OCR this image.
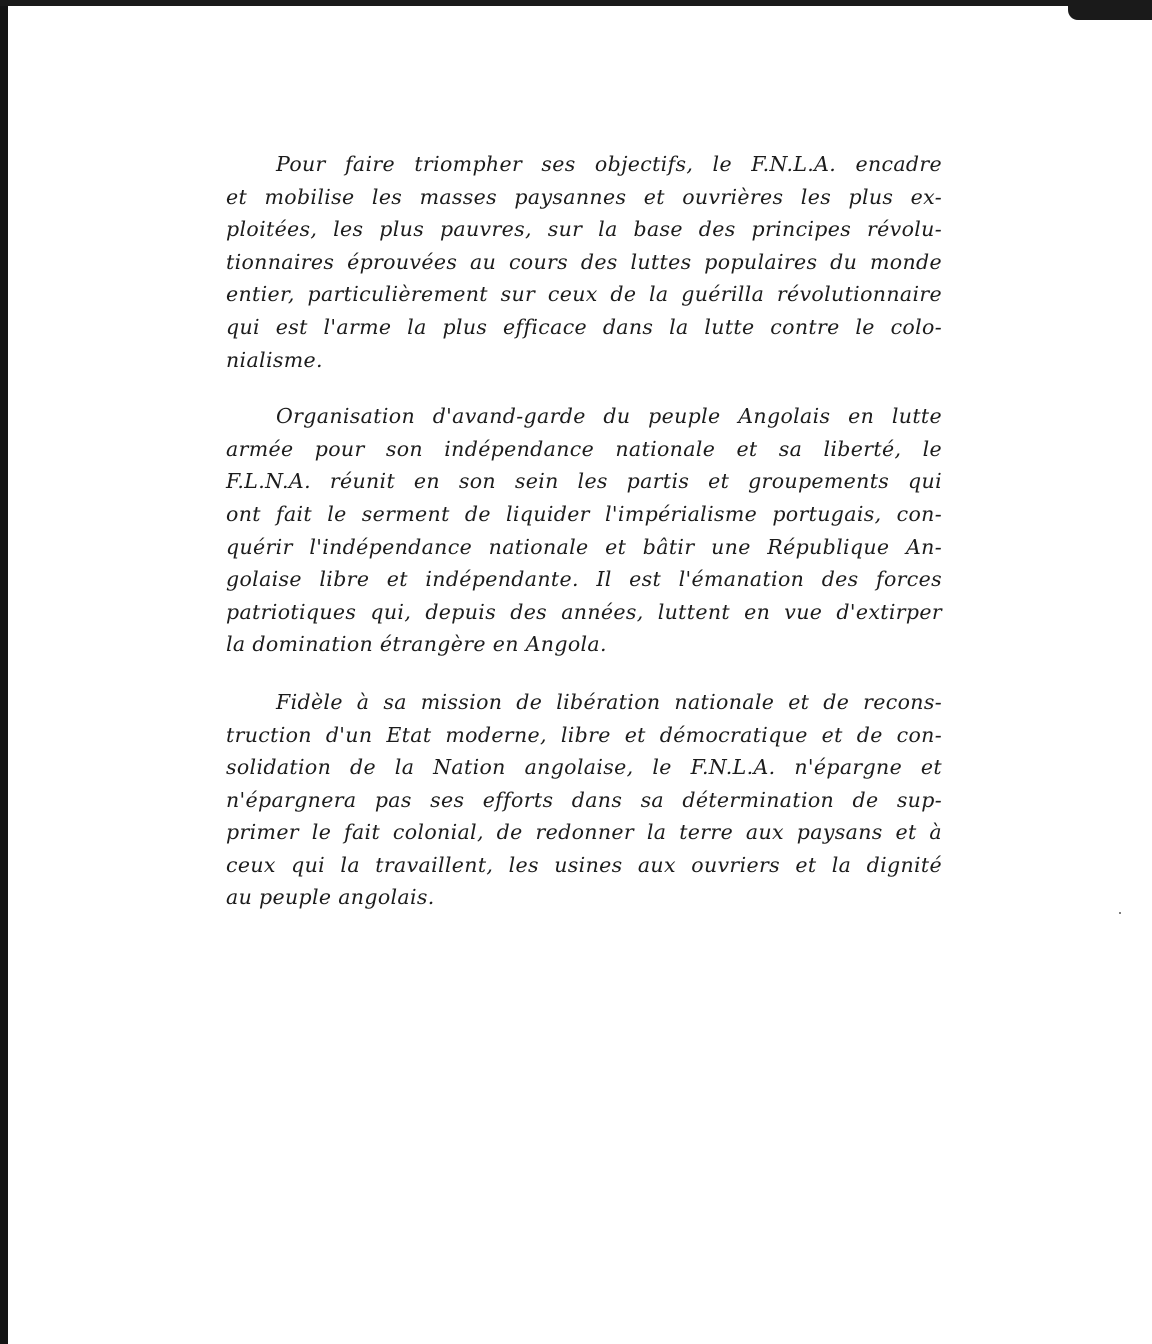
Pour faire triompher ses objectifs, le F.N.L.A. encadre
et mobilise les masses paysannes et ouvrières les plus ex-
ploitées, les plus pauvres, sur la base des principes révolu-
tionnaires éprouvées au cours des luttes populaires du monde
entier, particulièrement sur ceux de la guérilla révolutionnaire
qui est l'arme la plus efficace dans la lutte contre le colo-
nialisme.

Organisation d'avand-garde du peuple Angolais en lutte
armée pour son indépendance nationale et sa liberté, le
F.L.N.A. réunit en son sein les partis et groupements qui
ont fait le serment de liquider l'impérialisme portugais, con-
quérir l'indépendance nationale et bâtir une République An-
golaise libre et indépendante. Il est l'émanation des forces
patriotiques qui, depuis des années, luttent en vue d'extirper
la domination étrangère en Angola.

Fidèle à sa mission de libération nationale et de recons-
truction d'un Etat moderne, libre et démocratique et de con-
solidation de la Nation angolaise, le F.N.L.A. n'épargne et
n'épargnera pas ses efforts dans sa détermination de sup-
primer le fait colonial, de redonner la terre aux paysans et à
ceux qui la travaillent, les usines aux ouvriers et la dignité
au peuple angolais.
